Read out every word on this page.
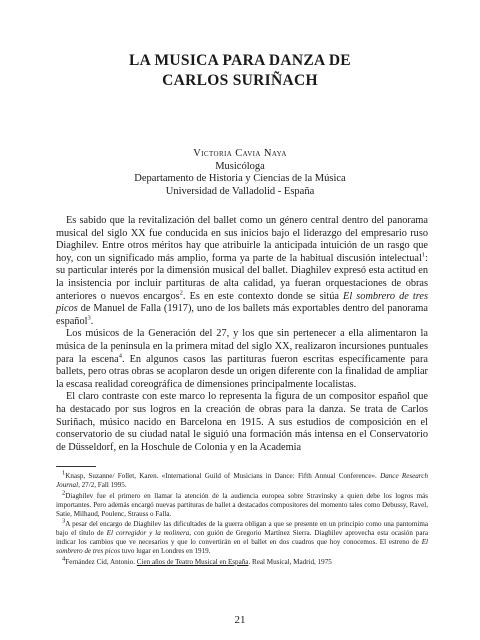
LA MUSICA PARA DANZA DE
CARLOS SURIÑACH
Victoria Cavia Naya
Musicóloga
Departamento de Historia y Ciencias de la Música
Universidad de Valladolid - España

Es sabido que la revitalización del ballet como un género central dentro del panorama musical del siglo XX fue conducida en sus inicios bajo el liderazgo del empresario ruso Diaghilev. Entre otros méritos hay que atribuirle la anticipada intuición de un rasgo que hoy, con un significado más amplio, forma ya parte de la habitual discusión intelectual$^1$: su particular interés por la dimensión musical del ballet. Diaghilev expresó esta actitud en la insistencia por incluir partituras de alta calidad, ya fueran orquestaciones de obras anteriores o nuevos encargos$^2$. Es en este contexto donde se sitúa El sombrero de tres picos de Manuel de Falla (1917), uno de los ballets más exportables dentro del panorama español$^3$.

Los músicos de la Generación del 27, y los que sin pertenecer a ella alimentaron la música de la península en la primera mitad del siglo XX, realizaron incursiones puntuales para la escena$^4$. En algunos casos las partituras fueron escritas específicamente para ballets, pero otras obras se acoplaron desde un origen diferente con la finalidad de ampliar la escasa realidad coreográfica de dimensiones principalmente localistas.

El claro contraste con este marco lo representa la figura de un compositor español que ha destacado por sus logros en la creación de obras para la danza. Se trata de Carlos Suriñach, músico nacido en Barcelona en 1915. A sus estudios de composición en el conservatorio de su ciudad natal le siguió una formación más intensa en el Conservatorio de Düsseldorf, en la Hoschule de Colonia y en la Academia

$^1$Knasp, Suzanne/ Follet, Karen. «International Guild of Musicians in Dance: Fifth Annual Conference». Dance Research Journal, 27/2, Fall 1995.

$^2$Diaghilev fue el primero en llamar la atención de la audiencia europea sobre Stravinsky a quien debe los logros más importantes. Pero además encargó nuevas partituras de ballet a destacados compositores del momento tales como Debussy, Ravel, Satie, Milhaud, Poulenc, Strauss o Falla.

$^3$A pesar del encargo de Diaghilev las dificultades de la guerra obligan a que se presente en un principio como una pantomima bajo el título de El corregidor y la molinera, con guión de Gregorio Martínez Sierra. Diaghilev aprovecha esta ocasión para indicar los cambios que ve necesarios y que lo convertirán en el ballet en dos cuadros que hoy conocemos. El estreno de El sombrero de tres picos tuvo lugar en Londres en 1919.

$^4$Fernández Cid, Antonio. Cien años de Teatro Musical en España. Real Musical, Madrid, 1975

21
